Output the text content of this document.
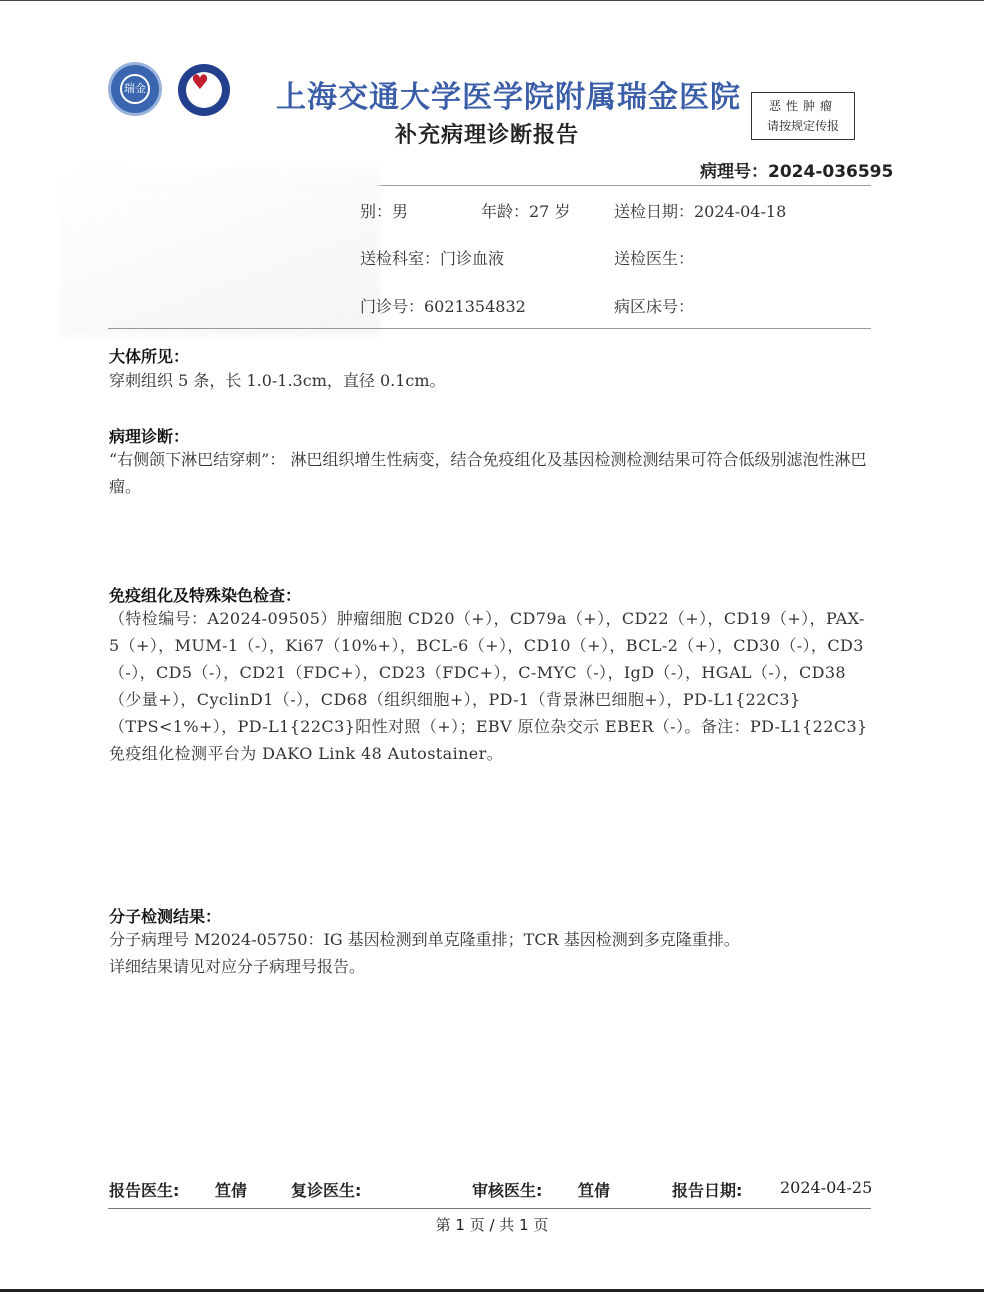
瑞金 ♥ 上海交通大学医学院附属瑞金医院
补充病理诊断报告
恶性肿瘤
请按规定传报
病理号：2024-036595
别：男	年龄：27 岁	送检日期：2024-04-18
送检科室：门诊血液	送检医生：
门诊号：6021354832	病区床号：
大体所见：
穿刺组织 5 条，长 1.0-1.3cm，直径 0.1cm。
病理诊断：
“右侧颌下淋巴结穿刺”： 淋巴组织增生性病变，结合免疫组化及基因检测检测结果可符合低级别滤泡性淋巴瘤。
免疫组化及特殊染色检查：
（特检编号：A2024-09505）肿瘤细胞 CD20（+），CD79a（+），CD22（+），CD19（+），PAX-5（+），MUM-1（-），Ki67（10%+），BCL-6（+），CD10（+），BCL-2（+），CD30（-），CD3（-），CD5（-），CD21（FDC+），CD23（FDC+），C-MYC（-），IgD（-），HGAL（-），CD38（少量+），CyclinD1（-），CD68（组织细胞+），PD-1（背景淋巴细胞+），PD-L1{22C3}（TPS<1%+），PD-L1{22C3}阳性对照（+）；EBV 原位杂交示 EBER（-）。备注：PD-L1{22C3}免疫组化检测平台为 DAKO Link 48 Autostainer。
分子检测结果：
分子病理号 M2024-05750：IG 基因检测到单克隆重排；TCR 基因检测到多克隆重排。
详细结果请见对应分子病理号报告。
报告医生: 笪倩	复诊医生:	审核医生: 笪倩	报告日期: 2024-04-25
第 1 页 / 共 1 页
